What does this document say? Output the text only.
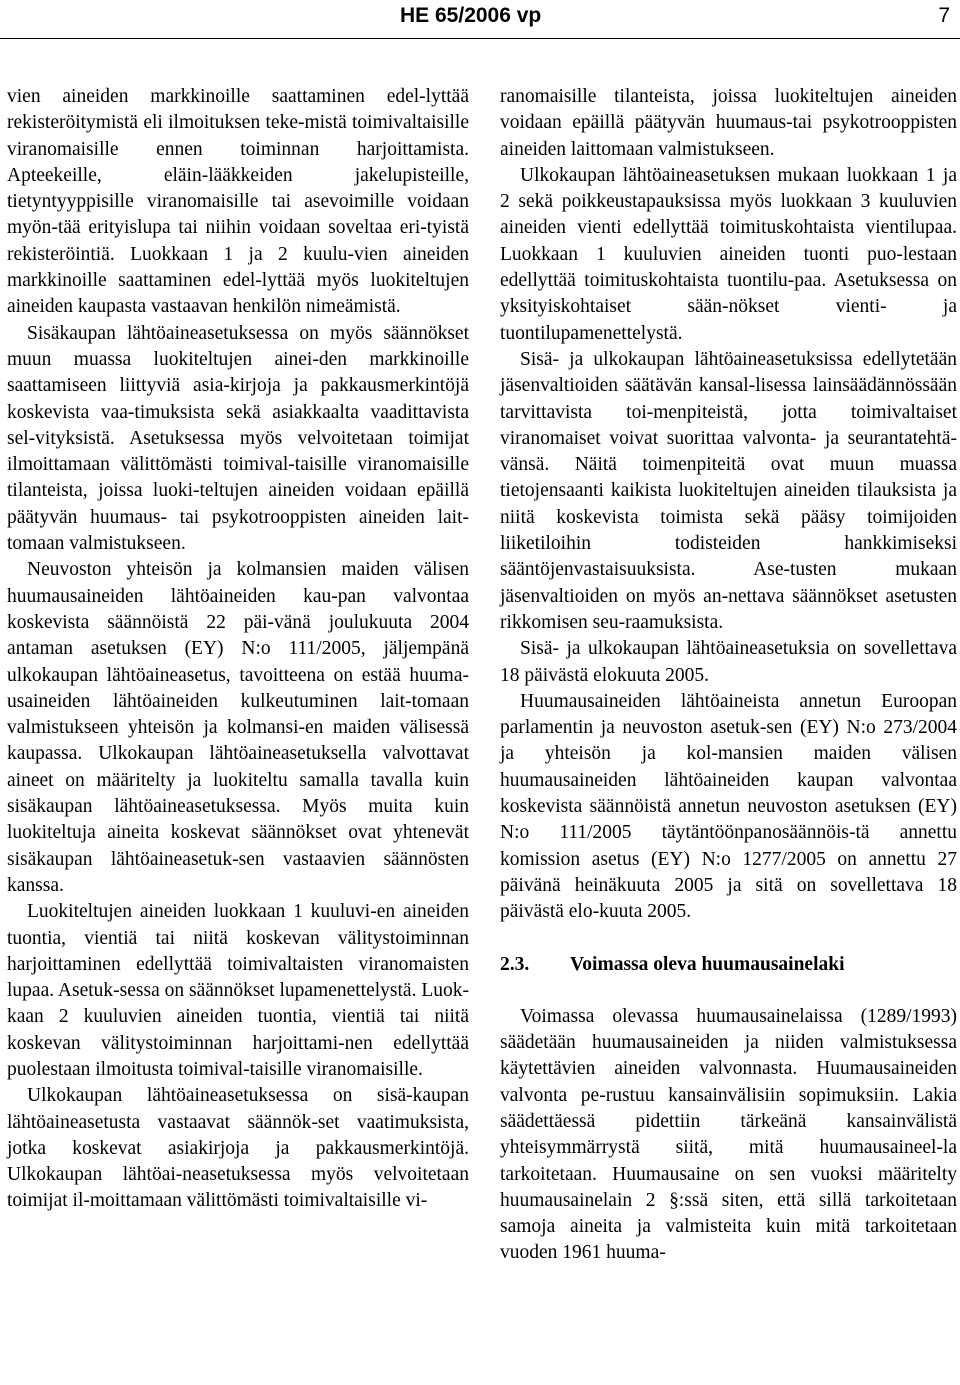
HE 65/2006 vp	7

vien aineiden markkinoille saattaminen edel-lyttää rekisteröitymistä eli ilmoituksen teke-mistä toimivaltaisille viranomaisille ennen toiminnan harjoittamista. Apteekeille, eläin-lääkkeiden jakelupisteille, tietyntyyppisille viranomaisille tai asevoimille voidaan myön-tää erityislupa tai niihin voidaan soveltaa eri-tyistä rekisteröintiä. Luokkaan 1 ja 2 kuulu-vien aineiden markkinoille saattaminen edel-lyttää myös luokiteltujen aineiden kaupasta vastaavan henkilön nimeämistä.

Sisäkaupan lähtöaineasetuksessa on myös säännökset muun muassa luokiteltujen ainei-den markkinoille saattamiseen liittyviä asia-kirjoja ja pakkausmerkintöjä koskevista vaa-timuksista sekä asiakkaalta vaadittavista sel-vityksistä. Asetuksessa myös velvoitetaan toimijat ilmoittamaan välittömästi toimival-taisille viranomaisille tilanteista, joissa luoki-teltujen aineiden voidaan epäillä päätyvän huumaus- tai psykotrooppisten aineiden lait-tomaan valmistukseen.

Neuvoston yhteisön ja kolmansien maiden välisen huumausaineiden lähtöaineiden kau-pan valvontaa koskevista säännöistä 22 päi-vänä joulukuuta 2004 antaman asetuksen (EY) N:o 111/2005, jäljempänä ulkokaupan lähtöaineasetus, tavoitteena on estää huuma-usaineiden lähtöaineiden kulkeutuminen lait-tomaan valmistukseen yhteisön ja kolmansi-en maiden välisessä kaupassa. Ulkokaupan lähtöaineasetuksella valvottavat aineet on määritelty ja luokiteltu samalla tavalla kuin sisäkaupan lähtöaineasetuksessa. Myös muita kuin luokiteltuja aineita koskevat säännökset ovat yhtenevät sisäkaupan lähtöaineasetuk-sen vastaavien säännösten kanssa.

Luokiteltujen aineiden luokkaan 1 kuuluvi-en aineiden tuontia, vientiä tai niitä koskevan välitystoiminnan harjoittaminen edellyttää toimivaltaisten viranomaisten lupaa. Asetuk-sessa on säännökset lupamenettelystä. Luok-kaan 2 kuuluvien aineiden tuontia, vientiä tai niitä koskevan välitystoiminnan harjoittami-nen edellyttää puolestaan ilmoitusta toimival-taisille viranomaisille.

Ulkokaupan lähtöaineasetuksessa on sisä-kaupan lähtöaineasetusta vastaavat säännök-set vaatimuksista, jotka koskevat asiakirjoja ja pakkausmerkintöjä. Ulkokaupan lähtöai-neasetuksessa myös velvoitetaan toimijat il-moittamaan välittömästi toimivaltaisille vi-

ranomaisille tilanteista, joissa luokiteltujen aineiden voidaan epäillä päätyvän huumaus-tai psykotrooppisten aineiden laittomaan valmistukseen.

Ulkokaupan lähtöaineasetuksen mukaan luokkaan 1 ja 2 sekä poikkeustapauksissa myös luokkaan 3 kuuluvien aineiden vienti edellyttää toimituskohtaista vientilupaa. Luokkaan 1 kuuluvien aineiden tuonti puo-lestaan edellyttää toimituskohtaista tuontilu-paa. Asetuksessa on yksityiskohtaiset sään-nökset vienti- ja tuontilupamenettelystä.

Sisä- ja ulkokaupan lähtöaineasetuksissa edellytetään jäsenvaltioiden säätävän kansal-lisessa lainsäädännössään tarvittavista toi-menpiteistä, jotta toimivaltaiset viranomaiset voivat suorittaa valvonta- ja seurantatehtä-vänsä. Näitä toimenpiteitä ovat muun muassa tietojensaanti kaikista luokiteltujen aineiden tilauksista ja niitä koskevista toimista sekä pääsy toimijoiden liiketiloihin todisteiden hankkimiseksi sääntöjenvastaisuuksista. Ase-tusten mukaan jäsenvaltioiden on myös an-nettava säännökset asetusten rikkomisen seu-raamuksista.

Sisä- ja ulkokaupan lähtöaineasetuksia on sovellettava 18 päivästä elokuuta 2005.

Huumausaineiden lähtöaineista annetun Euroopan parlamentin ja neuvoston asetuk-sen (EY) N:o 273/2004 ja yhteisön ja kol-mansien maiden välisen huumausaineiden lähtöaineiden kaupan valvontaa koskevista säännöistä annetun neuvoston asetuksen (EY) N:o 111/2005 täytäntöönpanosäännöis-tä annettu komission asetus (EY) N:o 1277/2005 on annettu 27 päivänä heinäkuuta 2005 ja sitä on sovellettava 18 päivästä elo-kuuta 2005.

2.3.	Voimassa oleva huumausainelaki

Voimassa olevassa huumausainelaissa (1289/1993) säädetään huumausaineiden ja niiden valmistuksessa käytettävien aineiden valvonnasta. Huumausaineiden valvonta pe-rustuu kansainvälisiin sopimuksiin. Lakia säädettäessä pidettiin tärkeänä kansainvälistä yhteisymmärrystä siitä, mitä huumausaineel-la tarkoitetaan. Huumausaine on sen vuoksi määritelty huumausainelain 2 §:ssä siten, että sillä tarkoitetaan samoja aineita ja valmisteita kuin mitä tarkoitetaan vuoden 1961 huuma-
